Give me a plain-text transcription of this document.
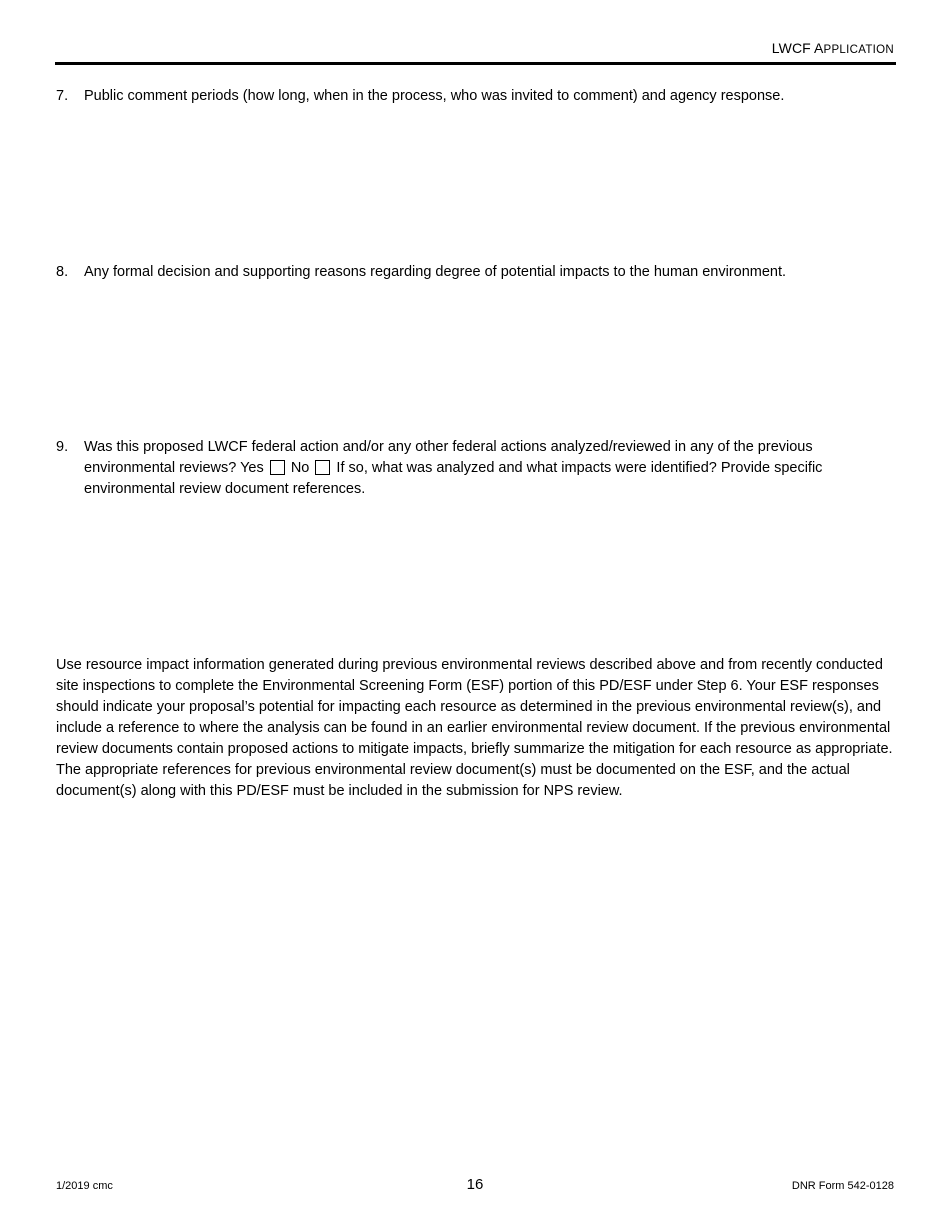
LWCF APPLICATION
7. Public comment periods (how long, when in the process, who was invited to comment) and agency response.
8. Any formal decision and supporting reasons regarding degree of potential impacts to the human environment.
9. Was this proposed LWCF federal action and/or any other federal actions analyzed/reviewed in any of the previous environmental reviews? Yes No If so, what was analyzed and what impacts were identified? Provide specific environmental review document references.
Use resource impact information generated during previous environmental reviews described above and from recently conducted site inspections to complete the Environmental Screening Form (ESF) portion of this PD/ESF under Step 6. Your ESF responses should indicate your proposal’s potential for impacting each resource as determined in the previous environmental review(s), and include a reference to where the analysis can be found in an earlier environmental review document. If the previous environmental review documents contain proposed actions to mitigate impacts, briefly summarize the mitigation for each resource as appropriate. The appropriate references for previous environmental review document(s) must be documented on the ESF, and the actual document(s) along with this PD/ESF must be included in the submission for NPS review.
1/2019 cmc	16	DNR Form 542-0128
